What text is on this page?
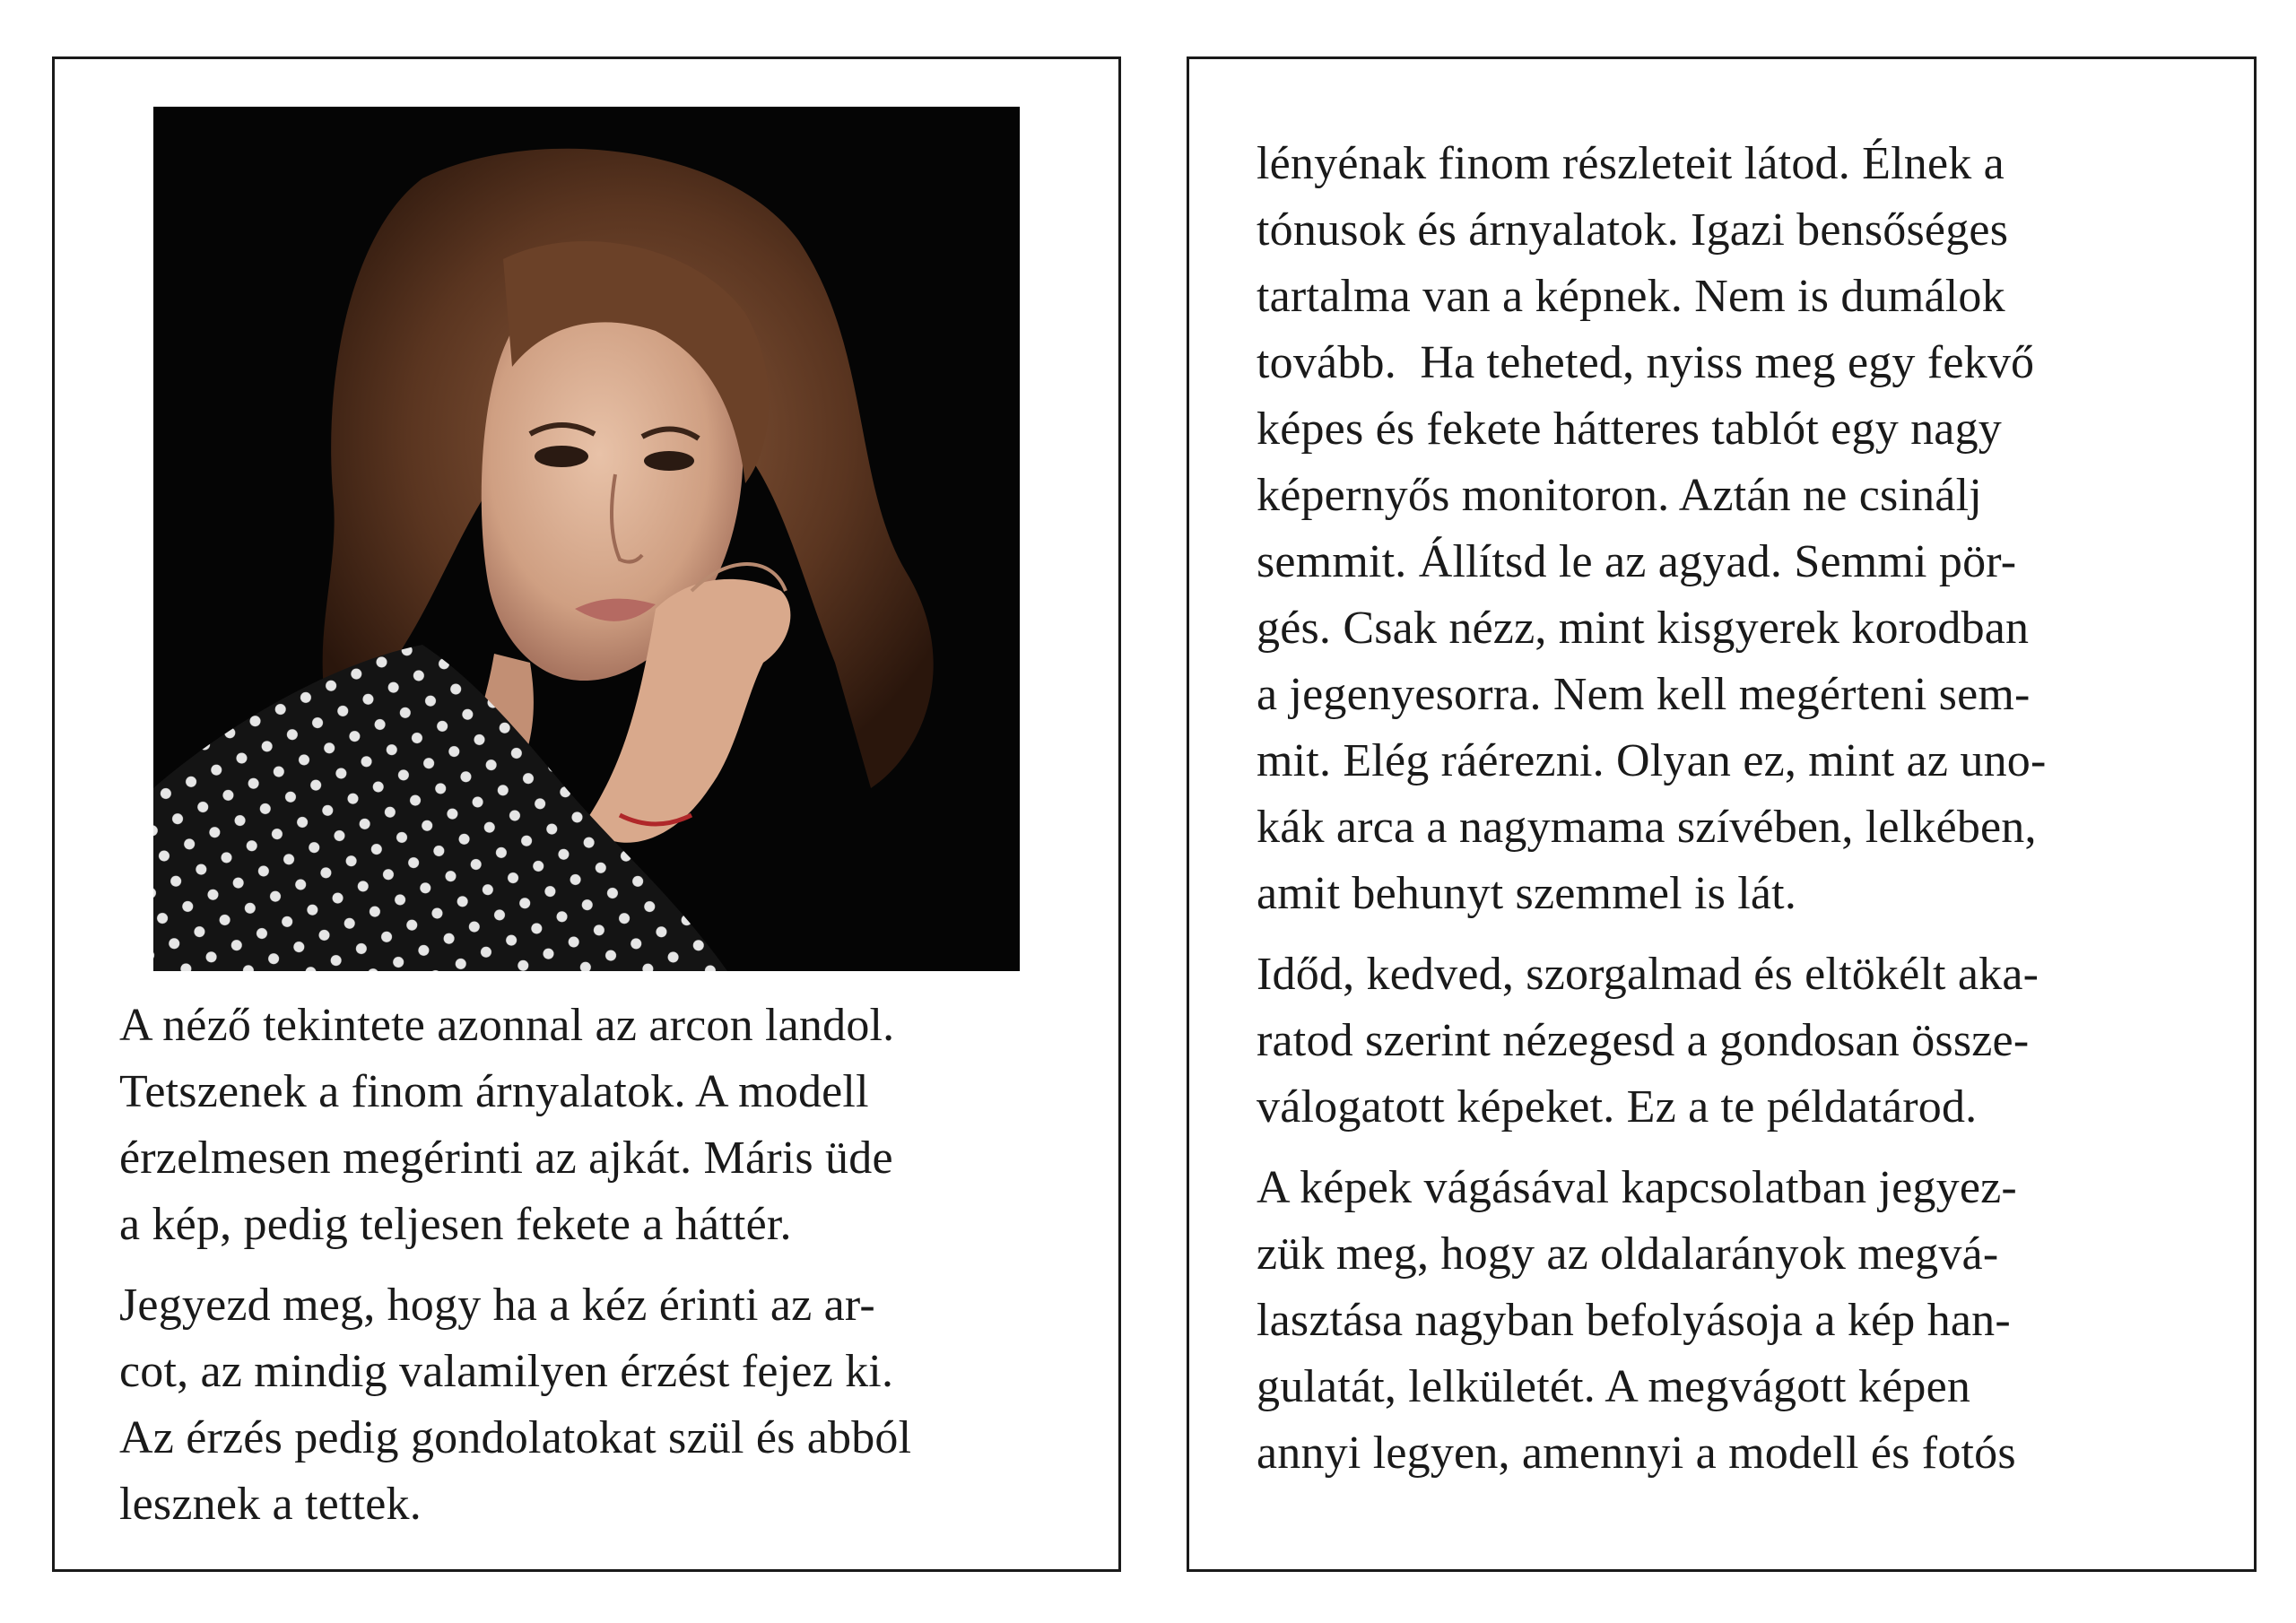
A néző tekintete azonnal az arcon landol.
Tetszenek a finom árnyalatok. A modell
érzelmesen megérinti az ajkát. Máris üde
a kép, pedig teljesen fekete a háttér.

Jegyezd meg, hogy ha a kéz érinti az ar-
cot, az mindig valamilyen érzést fejez ki.
Az érzés pedig gondolatokat szül és abból
lesznek a tettek.

lényénak finom részleteit látod. Élnek a
tónusok és árnyalatok. Igazi bensőséges
tartalma van a képnek. Nem is dumálok
tovább.  Ha teheted, nyiss meg egy fekvő
képes és fekete hátteres tablót egy nagy
képernyős monitoron. Aztán ne csinálj
semmit. Állítsd le az agyad. Semmi pör-
gés. Csak nézz, mint kisgyerek korodban
a jegenyesorra. Nem kell megérteni sem-
mit. Elég ráérezni. Olyan ez, mint az uno-
kák arca a nagymama szívében, lelkében,
amit behunyt szemmel is lát.

Időd, kedved, szorgalmad és eltökélt aka-
ratod szerint nézegesd a gondosan össze-
válogatott képeket. Ez a te példatárod.

A képek vágásával kapcsolatban jegyez-
zük meg, hogy az oldalarányok megvá-
lasztása nagyban befolyásoja a kép han-
gulatát, lelkületét. A megvágott képen
annyi legyen, amennyi a modell és fotós
